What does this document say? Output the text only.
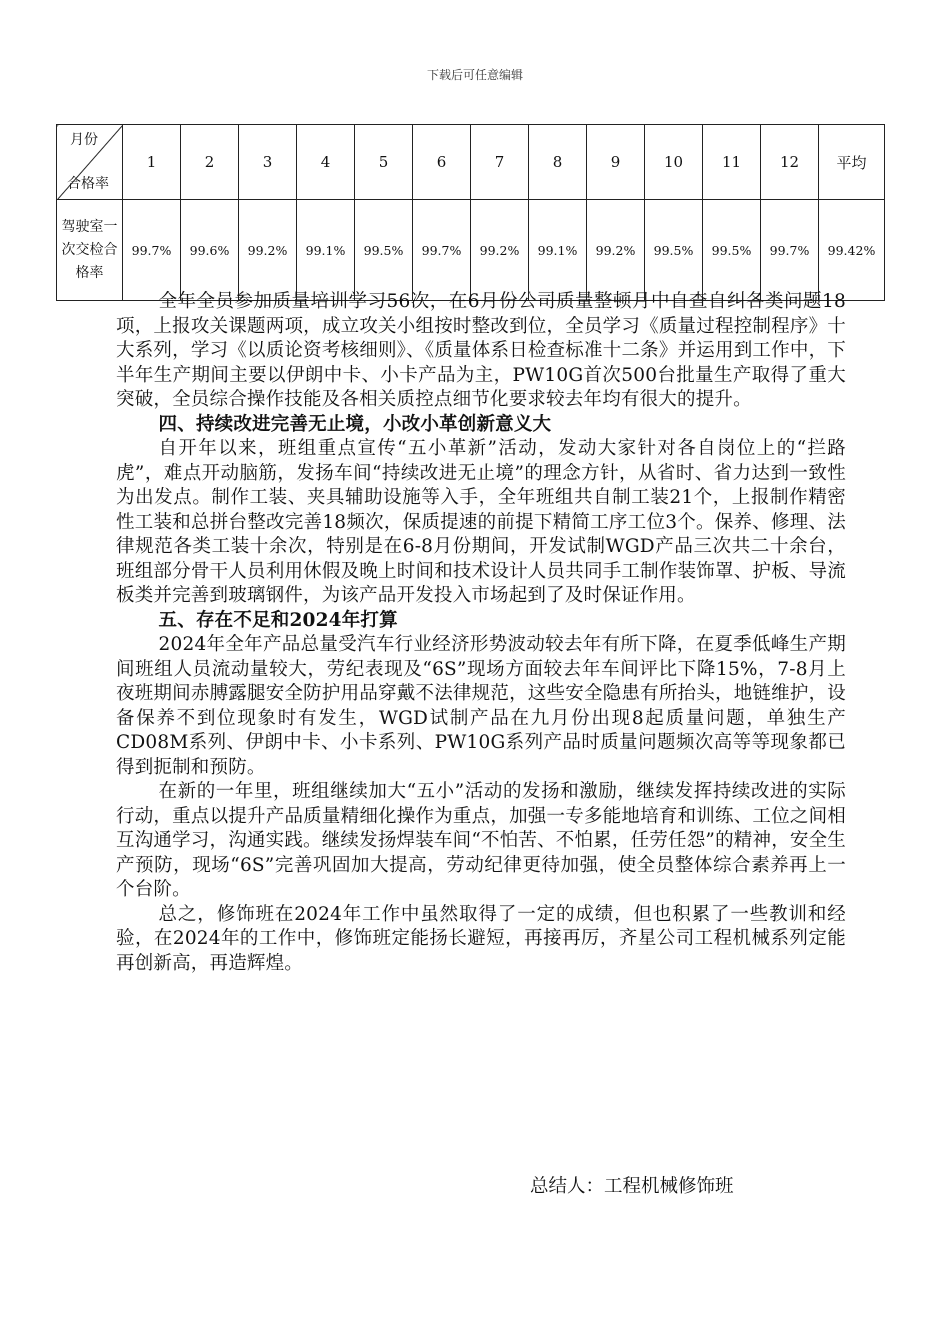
下载后可任意编辑
月份
合格率	1	2	3	4	5	6	7	8	9	10	11	12	平均
驾驶室一次交检合格率	99.7%	99.6%	99.2%	99.1%	99.5%	99.7%	99.2%	99.1%	99.2%	99.5%	99.5%	99.7%	99.42%

全年全员参加质量培训学习56次，在6月份公司质量整顿月中自查自纠各类问题18项，上报攻关课题两项，成立攻关小组按时整改到位，全员学习《质量过程控制程序》十大系列，学习《以质论资考核细则》、《质量体系日检查标准十二条》并运用到工作中，下半年生产期间主要以伊朗中卡、小卡产品为主，PW10G首次500台批量生产取得了重大突破，全员综合操作技能及各相关质控点细节化要求较去年均有很大的提升。

四、持续改进完善无止境，小改小革创新意义大

自开年以来，班组重点宣传“五小革新”活动，发动大家针对各自岗位上的“拦路虎”，难点开动脑筋，发扬车间“持续改进无止境”的理念方针，从省时、省力达到一致性为出发点。制作工装、夹具辅助设施等入手，全年班组共自制工装21个，上报制作精密性工装和总拼台整改完善18频次，保质提速的前提下精简工序工位3个。保养、修理、法律规范各类工装十余次，特别是在6-8月份期间，开发试制WGD产品三次共二十余台，班组部分骨干人员利用休假及晚上时间和技术设计人员共同手工制作装饰罩、护板、导流板类并完善到玻璃钢件，为该产品开发投入市场起到了及时保证作用。

五、存在不足和2024年打算

2024年全年产品总量受汽车行业经济形势波动较去年有所下降，在夏季低峰生产期间班组人员流动量较大，劳纪表现及“6S”现场方面较去年车间评比下降15%，7-8月上夜班期间赤膊露腿安全防护用品穿戴不法律规范，这些安全隐患有所抬头，地链维护，设备保养不到位现象时有发生，WGD试制产品在九月份出现8起质量问题，单独生产CD08M系列、伊朗中卡、小卡系列、PW10G系列产品时质量问题频次高等等现象都已得到扼制和预防。

在新的一年里，班组继续加大“五小”活动的发扬和激励，继续发挥持续改进的实际行动，重点以提升产品质量精细化操作为重点，加强一专多能地培育和训练、工位之间相互沟通学习，沟通实践。继续发扬焊装车间“不怕苦、不怕累，任劳任怨”的精神，安全生产预防，现场“6S”完善巩固加大提高，劳动纪律更待加强，使全员整体综合素养再上一个台阶。

总之，修饰班在2024年工作中虽然取得了一定的成绩，但也积累了一些教训和经验，在2024年的工作中，修饰班定能扬长避短，再接再厉，齐星公司工程机械系列定能再创新高，再造辉煌。

总结人：工程机械修饰班
